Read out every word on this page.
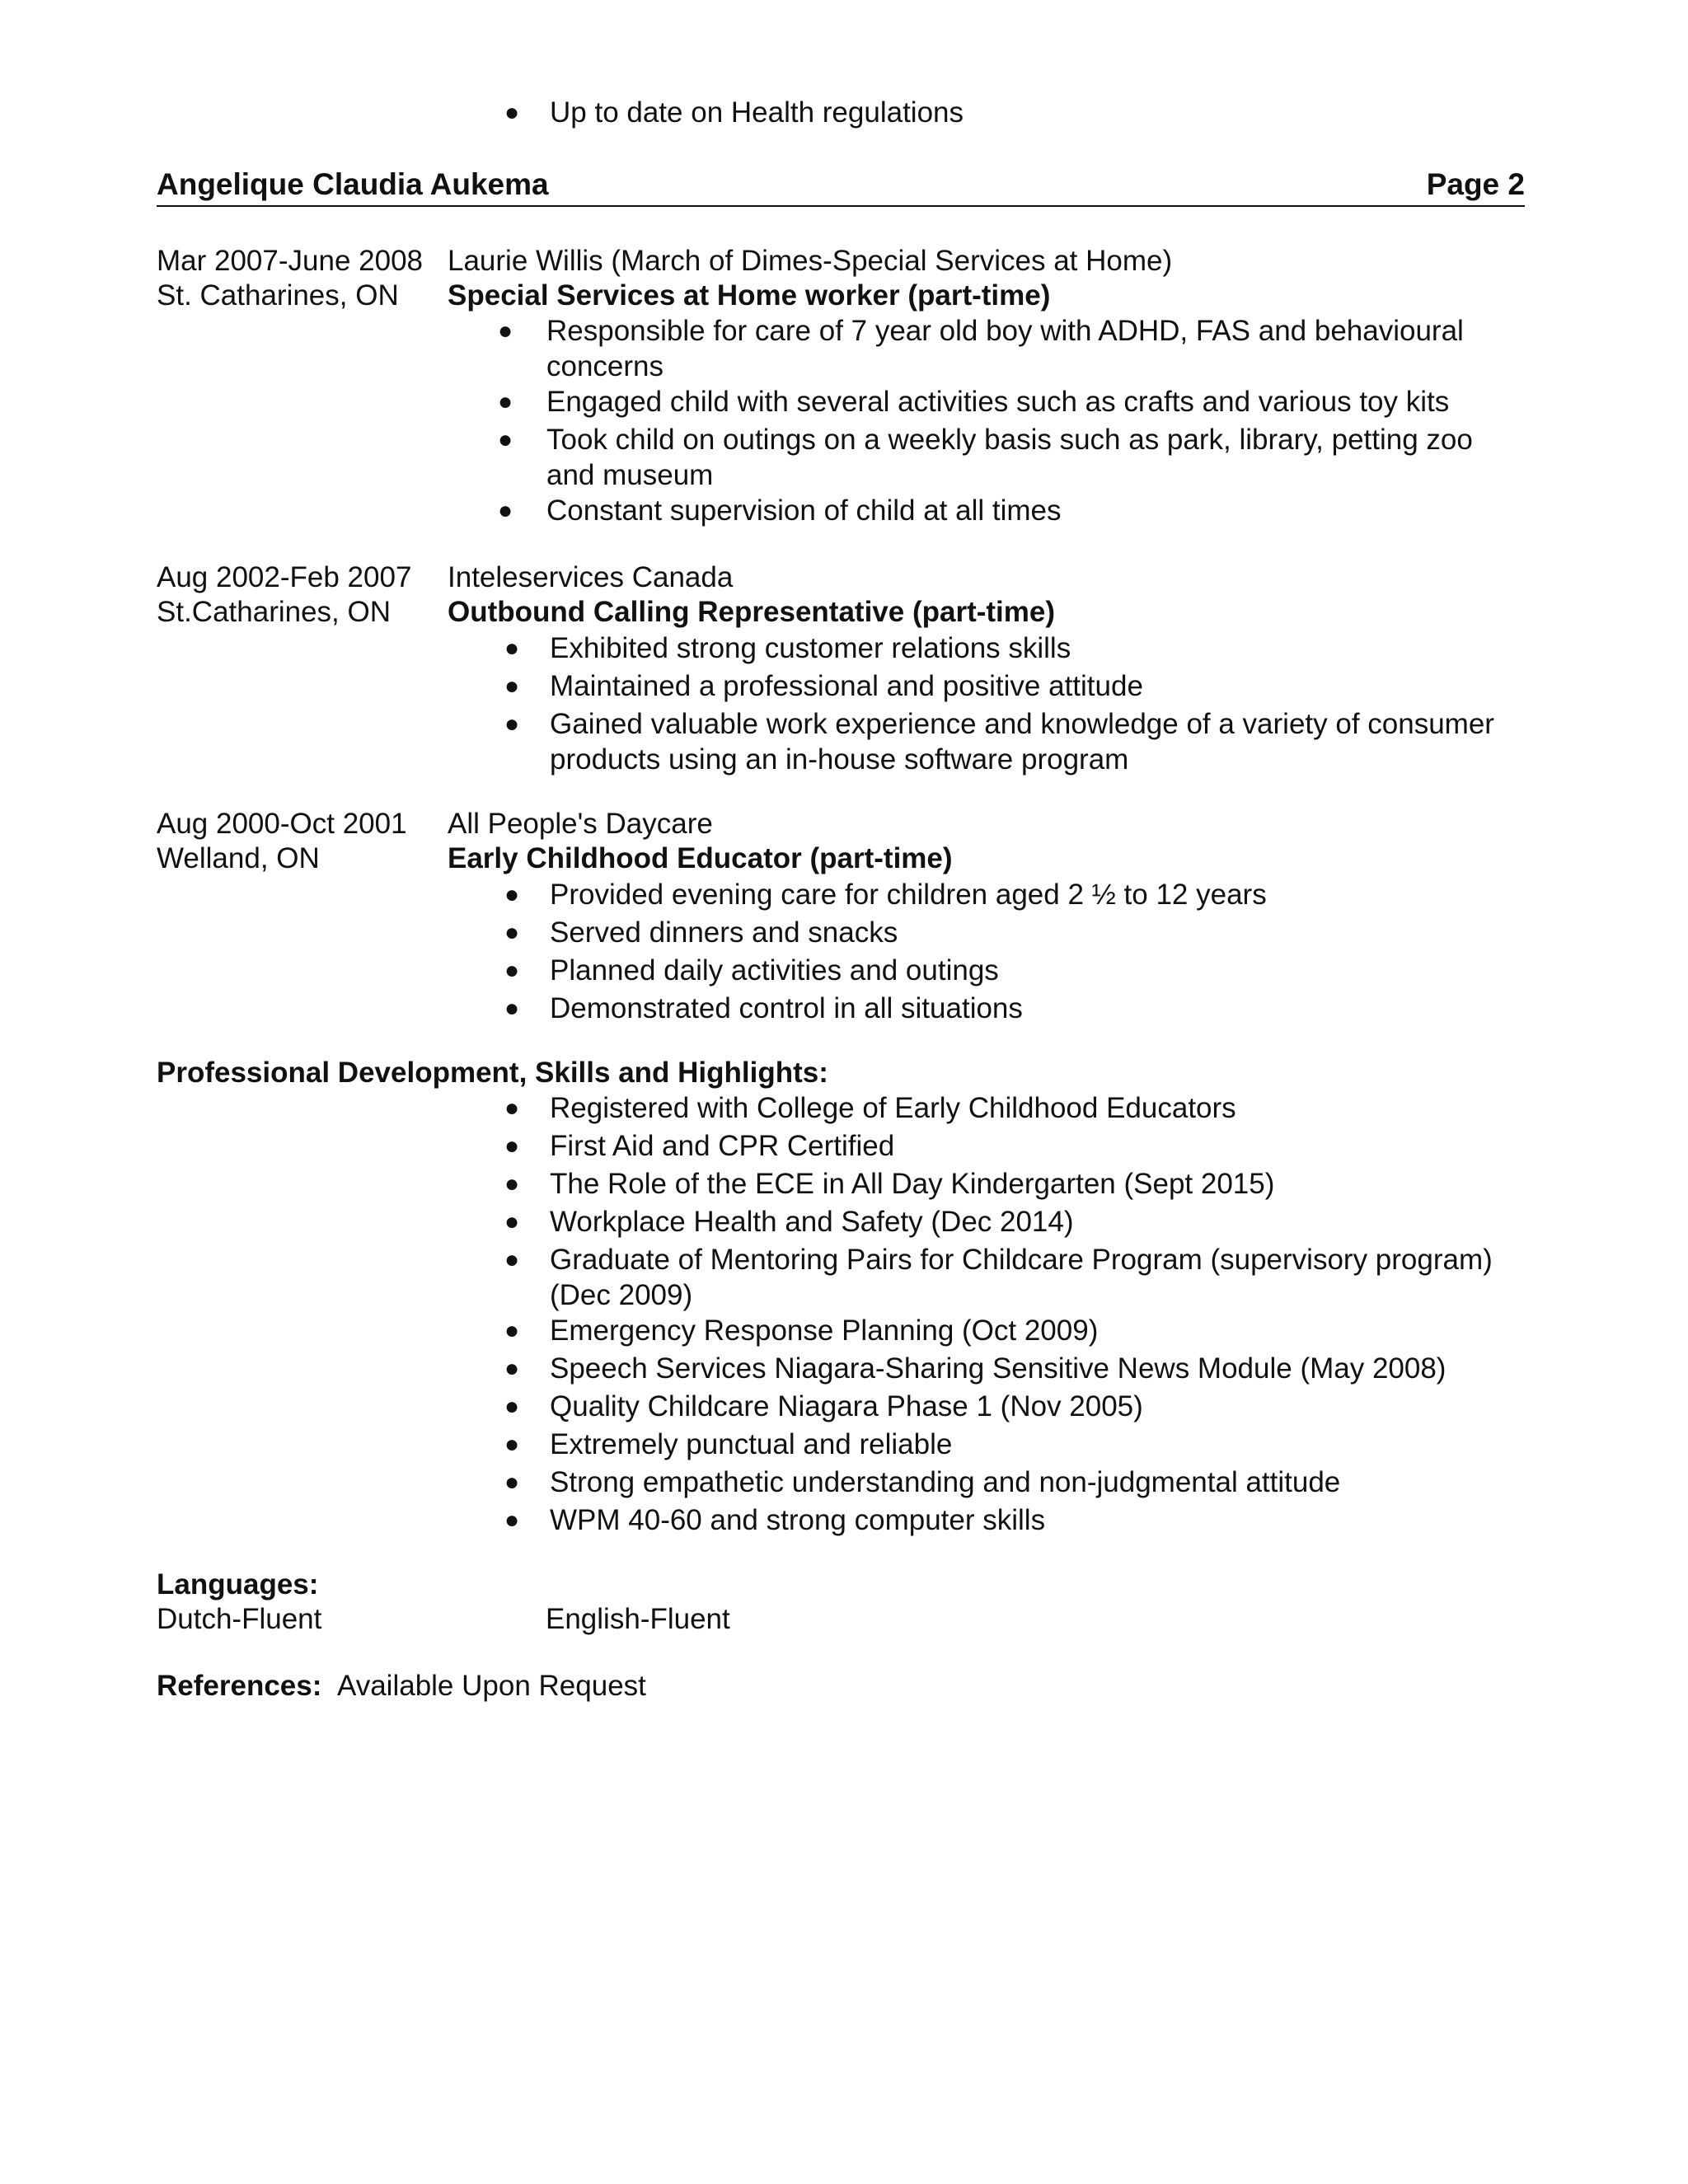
● Up to date on Health regulations
Angelique Claudia Aukema	Page 2
Mar 2007-June 2008
St. Catharines, ON
Laurie Willis (March of Dimes-Special Services at Home)
Special Services at Home worker (part-time)
● Responsible for care of 7 year old boy with ADHD, FAS and behavioural
concerns
● Engaged child with several activities such as crafts and various toy kits
● Took child on outings on a weekly basis such as park, library, petting zoo
and museum
● Constant supervision of child at all times
Aug 2002-Feb 2007
St.Catharines, ON
Inteleservices Canada
Outbound Calling Representative (part-time)
● Exhibited strong customer relations skills
● Maintained a professional and positive attitude
● Gained valuable work experience and knowledge of a variety of consumer
products using an in-house software program
Aug 2000-Oct 2001
Welland, ON
All People's Daycare
Early Childhood Educator (part-time)
● Provided evening care for children aged 2 ½ to 12 years
● Served dinners and snacks
● Planned daily activities and outings
● Demonstrated control in all situations
Professional Development, Skills and Highlights:
● Registered with College of Early Childhood Educators
● First Aid and CPR Certified
● The Role of the ECE in All Day Kindergarten (Sept 2015)
● Workplace Health and Safety (Dec 2014)
● Graduate of Mentoring Pairs for Childcare Program (supervisory program)
(Dec 2009)
● Emergency Response Planning (Oct 2009)
● Speech Services Niagara-Sharing Sensitive News Module (May 2008)
● Quality Childcare Niagara Phase 1 (Nov 2005)
● Extremely punctual and reliable
● Strong empathetic understanding and non-judgmental attitude
● WPM 40-60 and strong computer skills
Languages:
Dutch-Fluent	English-Fluent
References: Available Upon Request
